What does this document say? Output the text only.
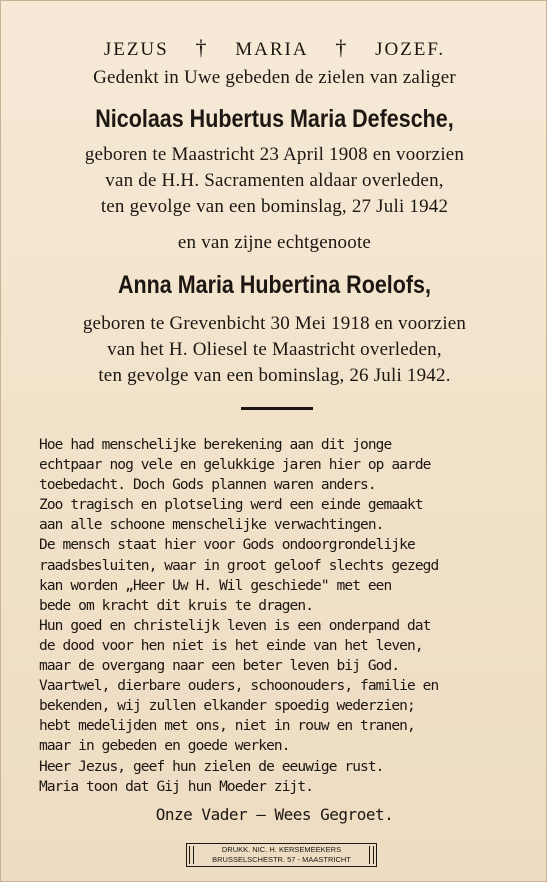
JEZUS † MARIA † JOZEF.
Gedenkt in Uwe gebeden de zielen van zaliger
Nicolaas Hubertus Maria Defesche,
geboren te Maastricht 23 April 1908 en voorzien
van de H.H. Sacramenten aldaar overleden,
ten gevolge van een bominslag, 27 Juli 1942
en van zijne echtgenoote
Anna Maria Hubertina Roelofs,
geboren te Grevenbicht 30 Mei 1918 en voorzien
van het H. Oliesel te Maastricht overleden,
ten gevolge van een bominslag, 26 Juli 1942.
Hoe had menschelijke berekening aan dit jonge
echtpaar nog vele en gelukkige jaren hier op aarde
toebedacht. Doch Gods plannen waren anders.
Zoo tragisch en plotseling werd een einde gemaakt
aan alle schoone menschelijke verwachtingen.
De mensch staat hier voor Gods ondoorgrondelijke
raadsbesluiten, waar in groot geloof slechts gezegd
kan worden „Heer Uw H. Wil geschiede" met een
bede om kracht dit kruis te dragen.
Hun goed en christelijk leven is een onderpand dat
de dood voor hen niet is het einde van het leven,
maar de overgang naar een beter leven bij God.
Vaartwel, dierbare ouders, schoonouders, familie en
bekenden, wij zullen elkander spoedig wederzien;
hebt medelijden met ons, niet in rouw en tranen,
maar in gebeden en goede werken.
Heer Jezus, geef hun zielen de eeuwige rust.
Maria toon dat Gij hun Moeder zijt.
Onze Vader — Wees Gegroet.
DRUKK. NIC. H. KERSEMEEKERS
BRUSSELSCHESTR. 57 - MAASTRICHT
